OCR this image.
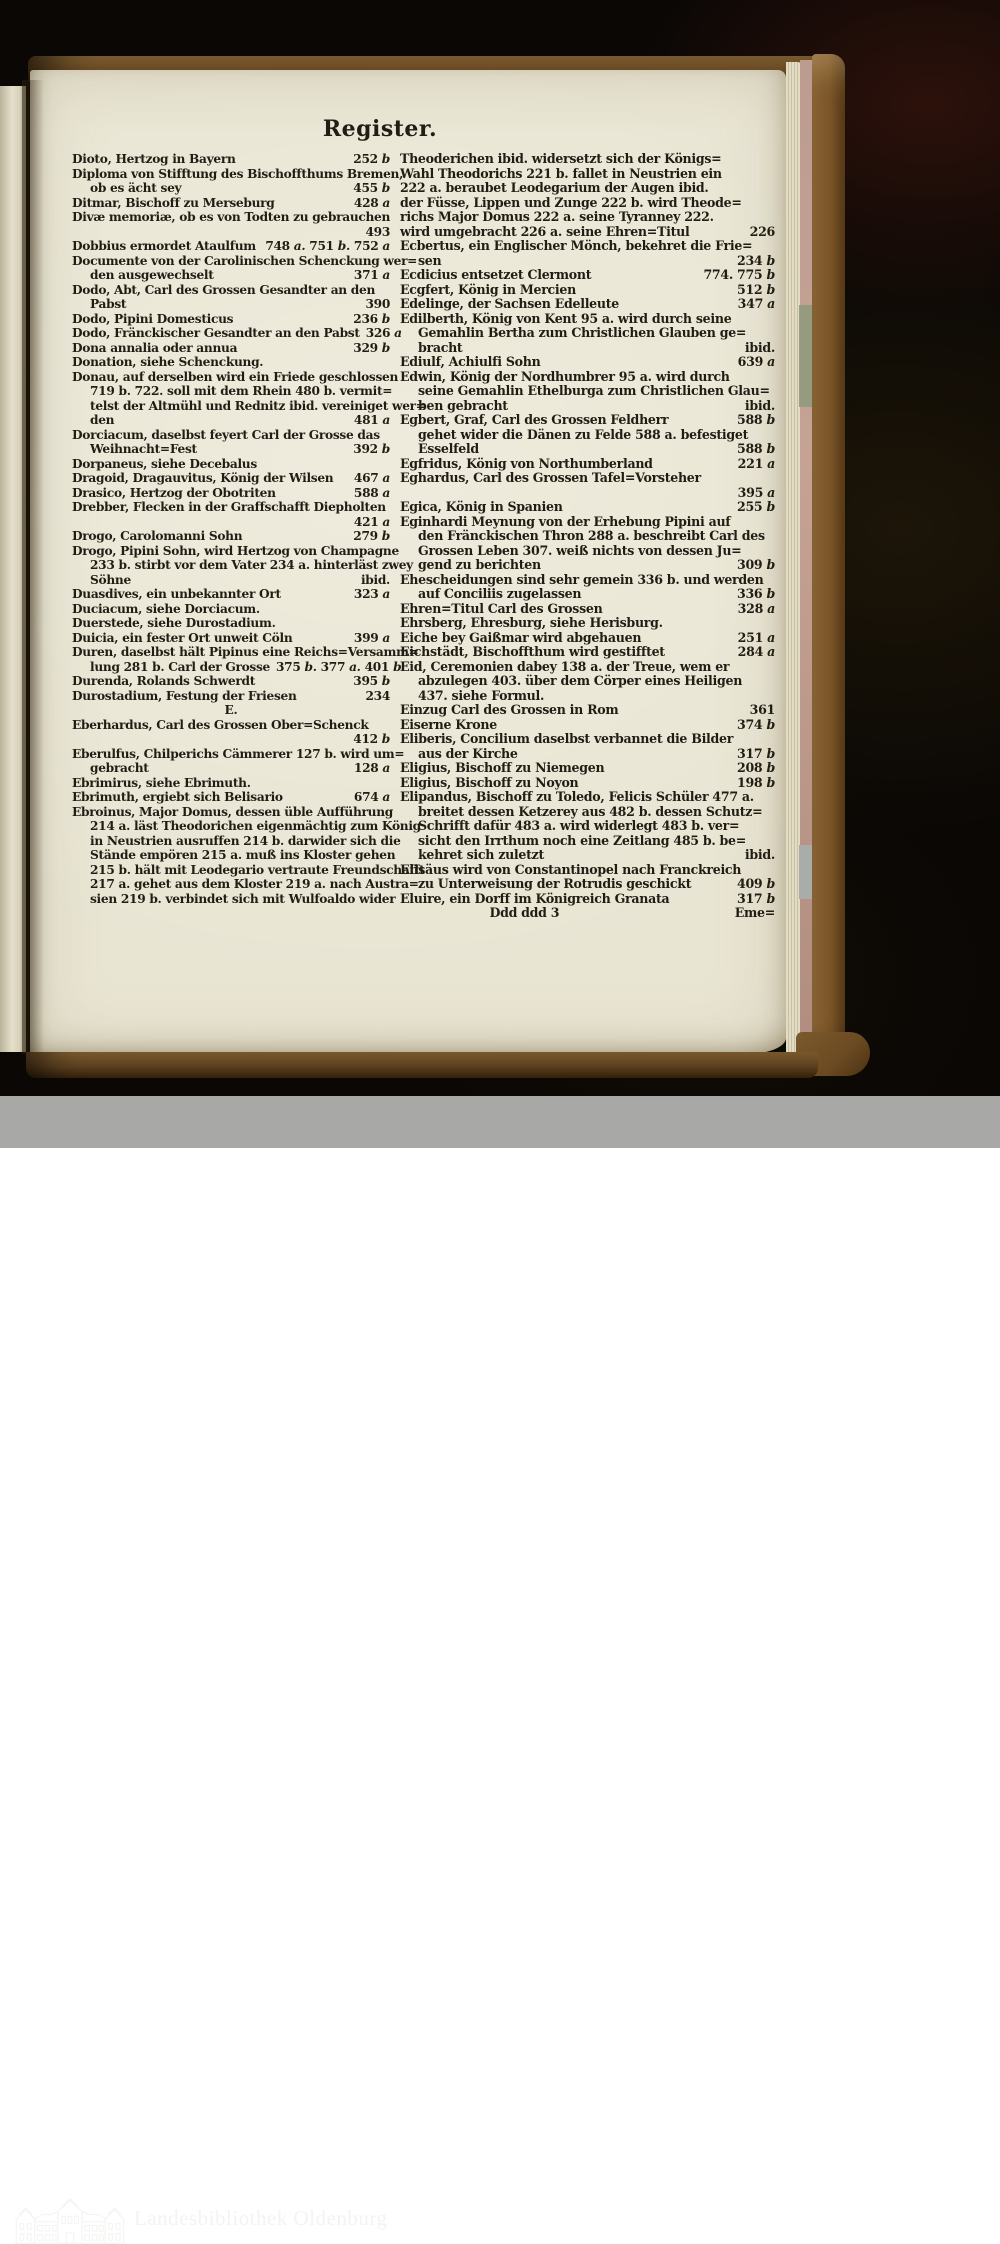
Register.
Dioto, Hertzog in Bayern	252 b
Diploma von Stifftung des Bischoffthums Bremen,
ob es ächt sey	455 b
Ditmar, Bischoff zu Merseburg	428 a
Divæ memoriæ, ob es von Todten zu gebrauchen
493
Dobbius ermordet Ataulfum 748 a. 751 b. 752 a
Documente von der Carolinischen Schenckung wer=
den ausgewechselt	371 a
Dodo, Abt, Carl des Grossen Gesandter an den
Pabst	390
Dodo, Pipini Domesticus	236 b
Dodo, Fränckischer Gesandter an den Pabst 326 a
Dona annalia oder annua	329 b
Donation, siehe Schenckung.
Donau, auf derselben wird ein Friede geschlossen
719 b. 722. soll mit dem Rhein 480 b. vermit=
telst der Altmühl und Rednitz ibid. vereiniget wer=
den	481 a
Dorciacum, daselbst feyert Carl der Grosse das
Weihnacht=Fest	392 b
Dorpaneus, siehe Decebalus
Dragoid, Dragauvitus, König der Wilsen 467 a
Drasico, Hertzog der Obotriten	588 a
Drebber, Flecken in der Graffschafft Diepholten
421 a
Drogo, Carolomanni Sohn	279 b
Drogo, Pipini Sohn, wird Hertzog von Champagne
233 b. stirbt vor dem Vater 234 a. hinterläst zwey
Söhne	ibid.
Duasdives, ein unbekannter Ort	323 a
Duciacum, siehe Dorciacum.
Duerstede, siehe Durostadium.
Duicia, ein fester Ort unweit Cöln	399 a
Duren, daselbst hält Pipinus eine Reichs=Versamm=
lung 281 b. Carl der Grosse 375 b. 377 a. 401 b
Durenda, Rolands Schwerdt	395 b
Durostadium, Festung der Friesen	234
E.
Eberhardus, Carl des Grossen Ober=Schenck
412 b
Eberulfus, Chilperichs Cämmerer 127 b. wird um=
gebracht	128 a
Ebrimirus, siehe Ebrimuth.
Ebrimuth, ergiebt sich Belisario	674 a
Ebroinus, Major Domus, dessen üble Aufführung
214 a. läst Theodorichen eigenmächtig zum König
in Neustrien ausruffen 214 b. darwider sich die
Stände empören 215 a. muß ins Kloster gehen
215 b. hält mit Leodegario vertraute Freundschafft
217 a. gehet aus dem Kloster 219 a. nach Austra=
sien 219 b. verbindet sich mit Wulfoaldo wider
Theoderichen ibid. widersetzt sich der Königs=
Wahl Theodorichs 221 b. fallet in Neustrien ein
222 a. beraubet Leodegarium der Augen ibid.
der Füsse, Lippen und Zunge 222 b. wird Theode=
richs Major Domus 222 a. seine Tyranney 222.
wird umgebracht 226 a. seine Ehren=Titul	226
Ecbertus, ein Englischer Mönch, bekehret die Frie=
sen	234 b
Ecdicius entsetzet Clermont	774. 775 b
Ecgfert, König in Mercien	512 b
Edelinge, der Sachsen Edelleute	347 a
Edilberth, König von Kent 95 a. wird durch seine
Gemahlin Bertha zum Christlichen Glauben ge=
bracht	ibid.
Ediulf, Achiulfi Sohn	639 a
Edwin, König der Nordhumbrer 95 a. wird durch
seine Gemahlin Ethelburga zum Christlichen Glau=
ben gebracht	ibid.
Egbert, Graf, Carl des Grossen Feldherr	588 b
gehet wider die Dänen zu Felde 588 a. befestiget
Esselfeld	588 b
Egfridus, König von Northumberland	221 a
Eghardus, Carl des Grossen Tafel=Vorsteher
395 a
Egica, König in Spanien	255 b
Eginhardi Meynung von der Erhebung Pipini auf
den Fränckischen Thron 288 a. beschreibt Carl des
Grossen Leben 307. weiß nichts von dessen Ju=
gend zu berichten	309 b
Ehescheidungen sind sehr gemein 336 b. und werden
auf Conciliis zugelassen	336 b
Ehren=Titul Carl des Grossen	328 a
Ehrsberg, Ehresburg, siehe Herisburg.
Eiche bey Gaißmar wird abgehauen	251 a
Eichstädt, Bischoffthum wird gestifftet	284 a
Eid, Ceremonien dabey 138 a. der Treue, wem er
abzulegen 403. über dem Cörper eines Heiligen
437. siehe Formul.
Einzug Carl des Grossen in Rom	361
Eiserne Krone	374 b
Eliberis, Concilium daselbst verbannet die Bilder
aus der Kirche	317 b
Eligius, Bischoff zu Niemegen	208 b
Eligius, Bischoff zu Noyon	198 b
Elipandus, Bischoff zu Toledo, Felicis Schüler 477 a.
breitet dessen Ketzerey aus 482 b. dessen Schutz=
Schrifft dafür 483 a. wird widerlegt 483 b. ver=
sicht den Irrthum noch eine Zeitlang 485 b. be=
kehret sich zuletzt	ibid.
Elisäus wird von Constantinopel nach Franckreich
zu Unterweisung der Rotrudis geschickt	409 b
Eluire, ein Dorff im Königreich Granata	317 b
Ddd ddd 3	Eme=
Landesbibliothek Oldenburg
